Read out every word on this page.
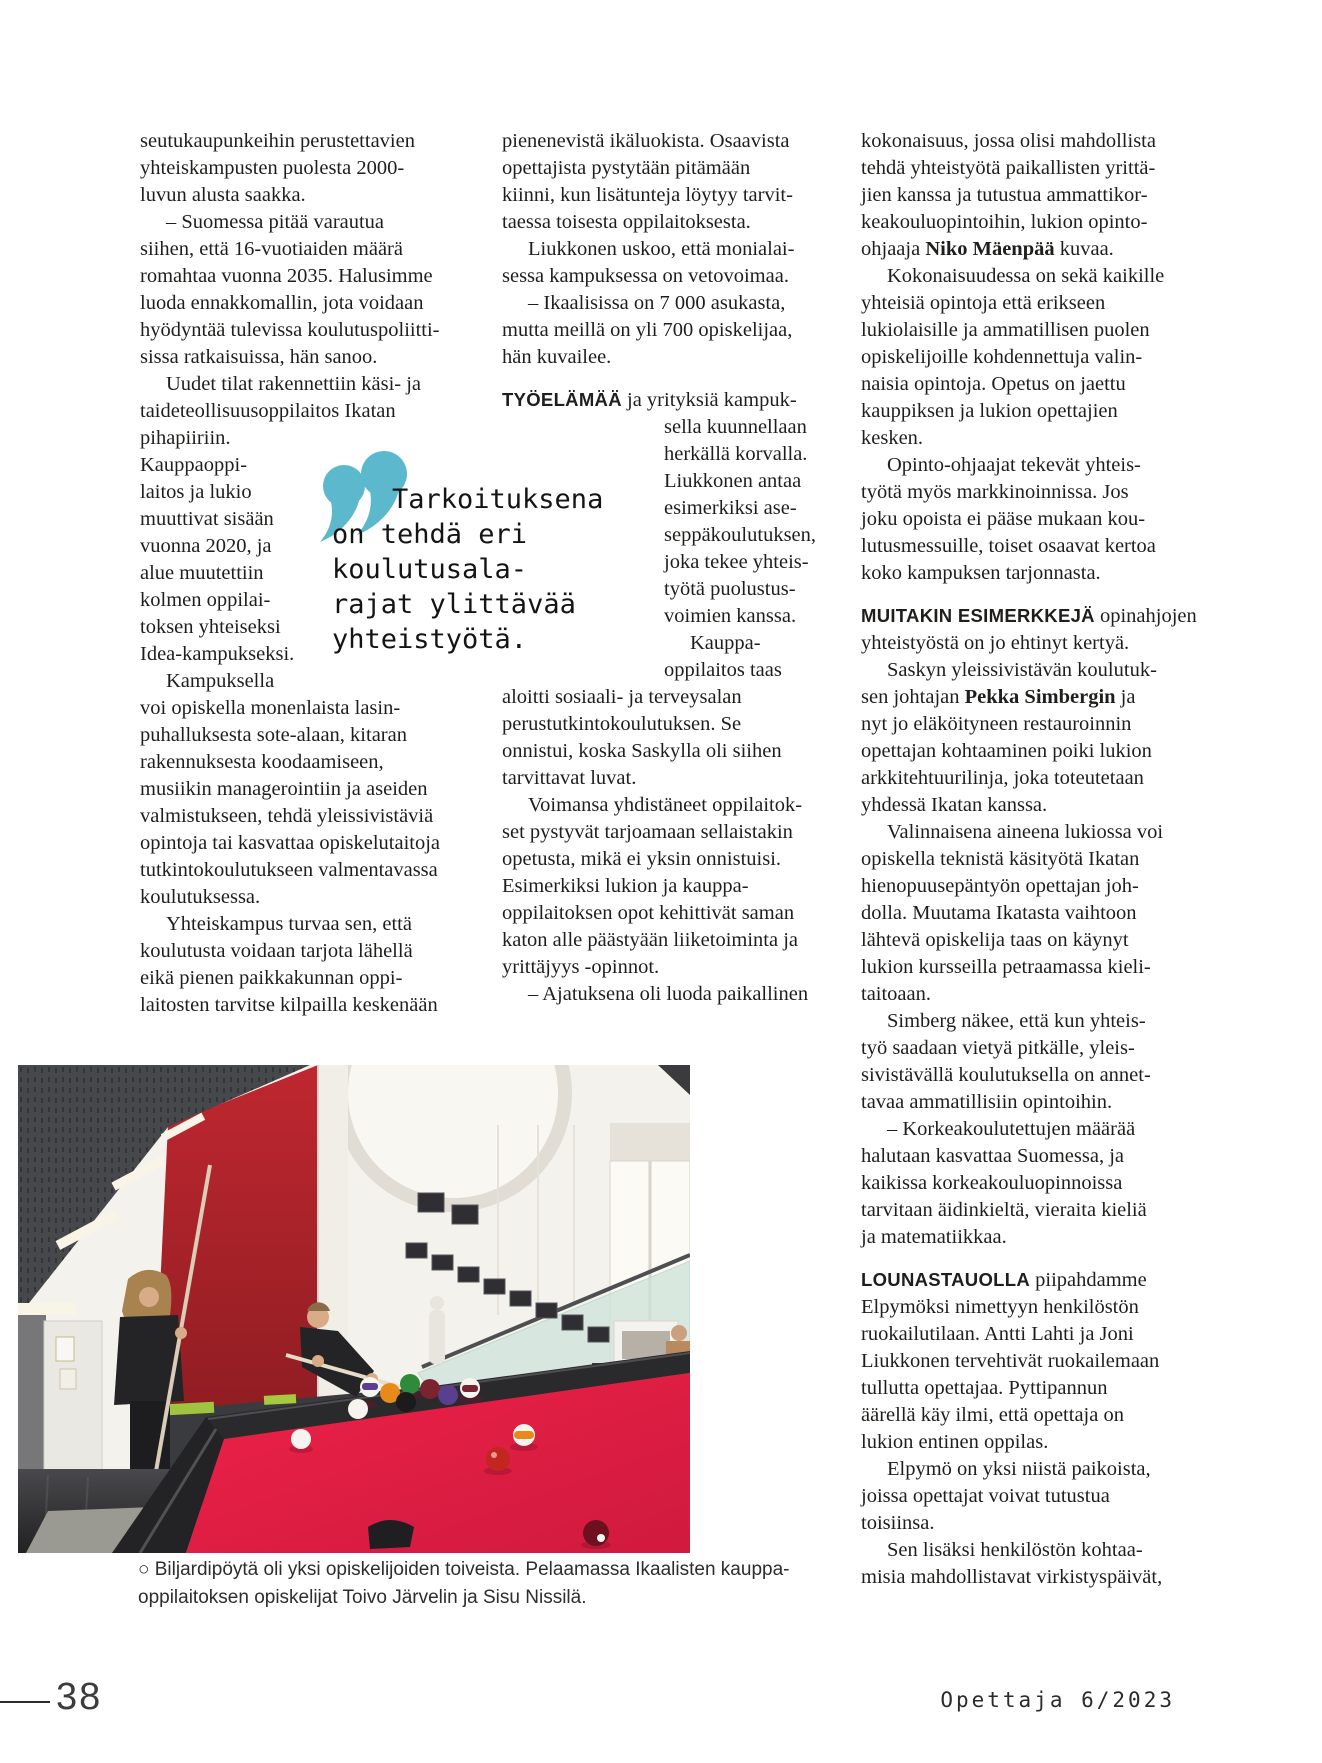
seutukaupunkeihin perustettavien
yhteiskampusten puolesta 2000-
luvun alusta saakka.
– Suomessa pitää varautua
siihen, että 16-vuotiaiden määrä
romahtaa vuonna 2035. Halusimme
luoda ennakkomallin, jota voidaan
hyödyntää tulevissa koulutuspoliitti-
sissa ratkaisuissa, hän sanoo.
Uudet tilat rakennettiin käsi- ja
taideteollisuusoppilaitos Ikatan
pihapiiriin.
Kauppaoppi-
laitos ja lukio
muuttivat sisään
vuonna 2020, ja
alue muutettiin
kolmen oppilai-
toksen yhteiseksi
Idea-kampukseksi.
Kampuksella
voi opiskella monenlaista lasin-
puhalluksesta sote-alaan, kitaran
rakennuksesta koodaamiseen,
musiikin managerointiin ja aseiden
valmistukseen, tehdä yleissivistäviä
opintoja tai kasvattaa opiskelutaitoja
tutkintokoulutukseen valmentavassa
koulutuksessa.
Yhteiskampus turvaa sen, että
koulutusta voidaan tarjota lähellä
eikä pienen paikkakunnan oppi-
laitosten tarvitse kilpailla keskenään
pienenevistä ikäluokista. Osaavista
opettajista pystytään pitämään
kiinni, kun lisätunteja löytyy tarvit-
taessa toisesta oppilaitoksesta.
Liukkonen uskoo, että monialai-
sessa kampuksessa on vetovoimaa.
– Ikaalisissa on 7 000 asukasta,
mutta meillä on yli 700 opiskelijaa,
hän kuvailee.
TYÖELÄMÄÄ ja yrityksiä kampuk-
sella kuunnellaan
herkällä korvalla.
Liukkonen antaa
esimerkiksi ase-
seppäkoulutuksen,
joka tekee yhteis-
työtä puolustus-
voimien kanssa.
Kauppa-
oppilaitos taas
aloitti sosiaali- ja terveysalan
perustutkintokoulutuksen. Se
onnistui, koska Saskylla oli siihen
tarvittavat luvat.
Voimansa yhdistäneet oppilaitok-
set pystyvät tarjoamaan sellaistakin
opetusta, mikä ei yksin onnistuisi.
Esimerkiksi lukion ja kauppa-
oppilaitoksen opot kehittivät saman
katon alle päästyään liiketoiminta ja
yrittäjyys -opinnot.
– Ajatuksena oli luoda paikallinen
kokonaisuus, jossa olisi mahdollista
tehdä yhteistyötä paikallisten yrittä-
jien kanssa ja tutustua ammattikor-
keakouluopintoihin, lukion opinto-
ohjaaja Niko Mäenpää kuvaa.
Kokonaisuudessa on sekä kaikille
yhteisiä opintoja että erikseen
lukiolaisille ja ammatillisen puolen
opiskelijoille kohdennettuja valin-
naisia opintoja. Opetus on jaettu
kauppiksen ja lukion opettajien
kesken.
Opinto-ohjaajat tekevät yhteis-
työtä myös markkinoinnissa. Jos
joku opoista ei pääse mukaan kou-
lutusmessuille, toiset osaavat kertoa
koko kampuksen tarjonnasta.
MUITAKIN ESIMERKKEJÄ opinahjojen
yhteistyöstä on jo ehtinyt kertyä.
Saskyn yleissivistävän koulutuk-
sen johtajan Pekka Simbergin ja
nyt jo eläköityneen restauroinnin
opettajan kohtaaminen poiki lukion
arkkitehtuurilinja, joka toteutetaan
yhdessä Ikatan kanssa.
Valinnaisena aineena lukiossa voi
opiskella teknistä käsityötä Ikatan
hienopuusepäntyön opettajan joh-
dolla. Muutama Ikatasta vaihtoon
lähtevä opiskelija taas on käynyt
lukion kursseilla petraamassa kieli-
taitoaan.
Simberg näkee, että kun yhteis-
työ saadaan vietyä pitkälle, yleis-
sivistävällä koulutuksella on annet-
tavaa ammatillisiin opintoihin.
– Korkeakoulutettujen määrää
halutaan kasvattaa Suomessa, ja
kaikissa korkeakouluopinnoissa
tarvitaan äidinkieltä, vieraita kieliä
ja matematiikkaa.
LOUNASTAUOLLA piipahdamme
Elpymöksi nimettyyn henkilöstön
ruokailutilaan. Antti Lahti ja Joni
Liukkonen tervehtivät ruokailemaan
tullutta opettajaa. Pyttipannun
äärellä käy ilmi, että opettaja on
lukion entinen oppilas.
Elpymö on yksi niistä paikoista,
joissa opettajat voivat tutustua
toisiinsa.
Sen lisäksi henkilöstön kohtaa-
misia mahdollistavat virkistyspäivät,
Tarkoituksena
on tehdä eri
koulutusala-
rajat ylittävää
yhteistyötä.
○ Biljardipöytä oli yksi opiskelijoiden toiveista. Pelaamassa Ikaalisten kauppa-
oppilaitoksen opiskelijat Toivo Järvelin ja Sisu Nissilä.
38	Opettaja 6/2023
